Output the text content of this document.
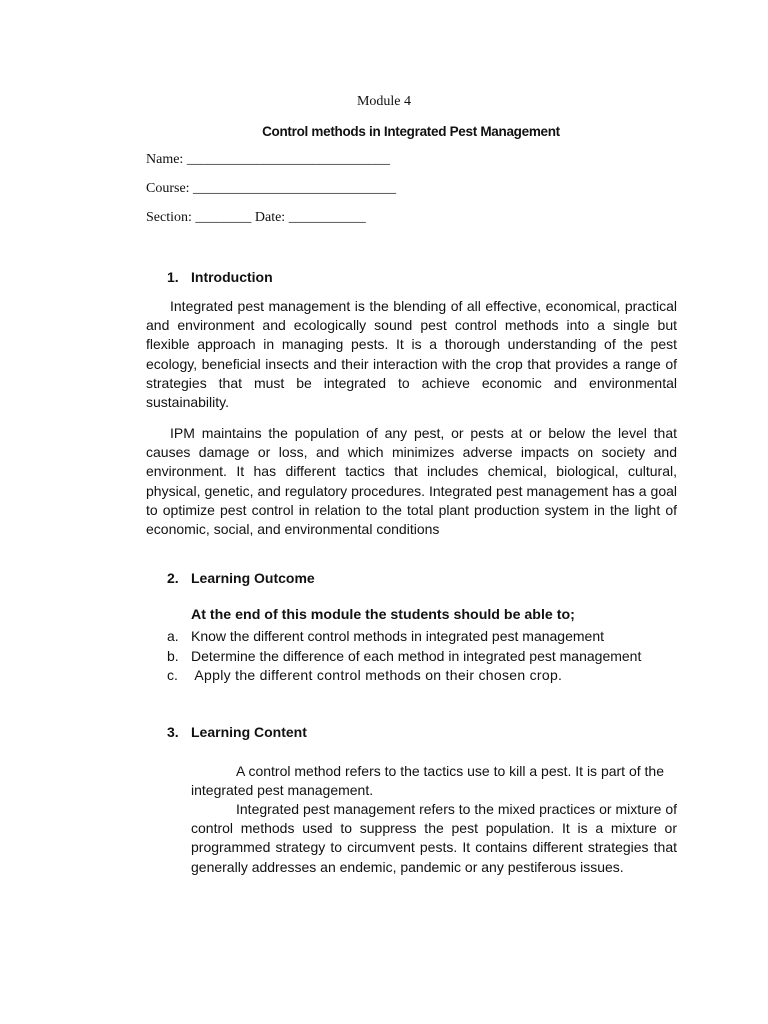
Module 4
Control methods in Integrated Pest Management
Name: _____________________________
Course: _____________________________
Section: ________ Date: ___________
1. Introduction
Integrated pest management is the blending of all effective, economical, practical and environment and ecologically sound pest control methods into a single but flexible approach in managing pests. It is a thorough understanding of the pest ecology, beneficial insects and their interaction with the crop that provides a range of strategies that must be integrated to achieve economic and environmental sustainability.
IPM maintains the population of any pest, or pests at or below the level that causes damage or loss, and which minimizes adverse impacts on society and environment. It has different tactics that includes chemical, biological, cultural, physical, genetic, and regulatory procedures. Integrated pest management has a goal to optimize pest control in relation to the total plant production system in the light of economic, social, and environmental conditions
2. Learning Outcome
At the end of this module the students should be able to;
a. Know the different control methods in integrated pest management
b. Determine the difference of each method in integrated pest management
c. Apply the different control methods on their chosen crop.
3. Learning Content
A control method refers to the tactics use to kill a pest. It is part of the integrated pest management.
Integrated pest management refers to the mixed practices or mixture of control methods used to suppress the pest population. It is a mixture or programmed strategy to circumvent pests. It contains different strategies that generally addresses an endemic, pandemic or any pestiferous issues.
